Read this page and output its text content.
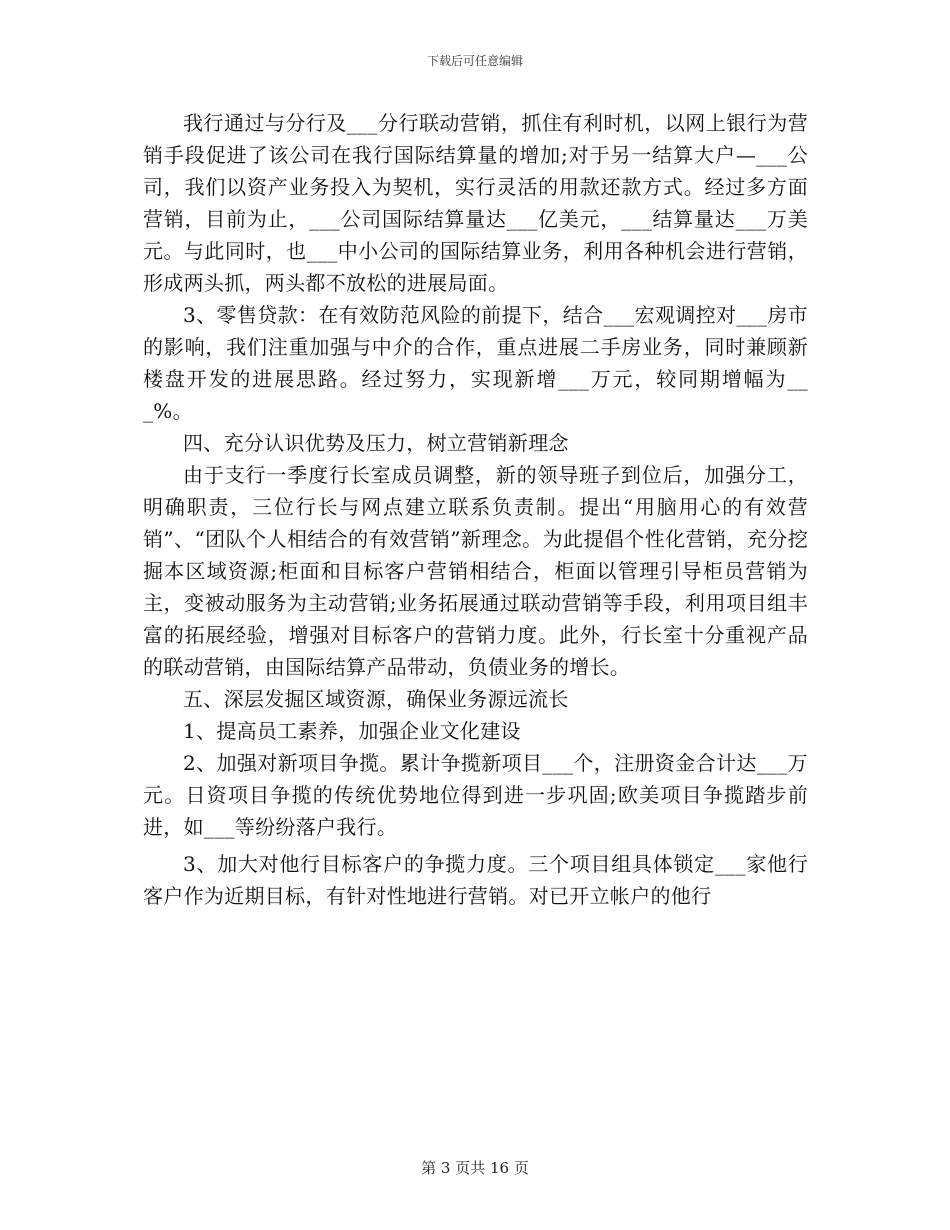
下载后可任意编辑

我行通过与分行及___分行联动营销，抓住有利时机，以网上银行为营销手段促进了该公司在我行国际结算量的增加;对于另一结算大户—___公司，我们以资产业务投入为契机，实行灵活的用款还款方式。经过多方面营销，目前为止，___公司国际结算量达___亿美元，___结算量达___万美元。与此同时，也___中小公司的国际结算业务，利用各种机会进行营销，形成两头抓，两头都不放松的进展局面。

3、零售贷款：在有效防范风险的前提下，结合___宏观调控对___房市的影响，我们注重加强与中介的合作，重点进展二手房业务，同时兼顾新楼盘开发的进展思路。经过努力，实现新增___万元，较同期增幅为___%。

四、充分认识优势及压力，树立营销新理念

由于支行一季度行长室成员调整，新的领导班子到位后，加强分工，明确职责，三位行长与网点建立联系负责制。提出“用脑用心的有效营销”、“团队个人相结合的有效营销”新理念。为此提倡个性化营销，充分挖掘本区域资源;柜面和目标客户营销相结合，柜面以管理引导柜员营销为主，变被动服务为主动营销;业务拓展通过联动营销等手段，利用项目组丰富的拓展经验，增强对目标客户的营销力度。此外，行长室十分重视产品的联动营销，由国际结算产品带动，负债业务的增长。

五、深层发掘区域资源，确保业务源远流长

1、提高员工素养，加强企业文化建设

2、加强对新项目争揽。累计争揽新项目___个，注册资金合计达___万元。日资项目争揽的传统优势地位得到进一步巩固;欧美项目争揽踏步前进，如___等纷纷落户我行。

3、加大对他行目标客户的争揽力度。三个项目组具体锁定___家他行客户作为近期目标，有针对性地进行营销。对已开立帐户的他行

第 3 页共 16 页
